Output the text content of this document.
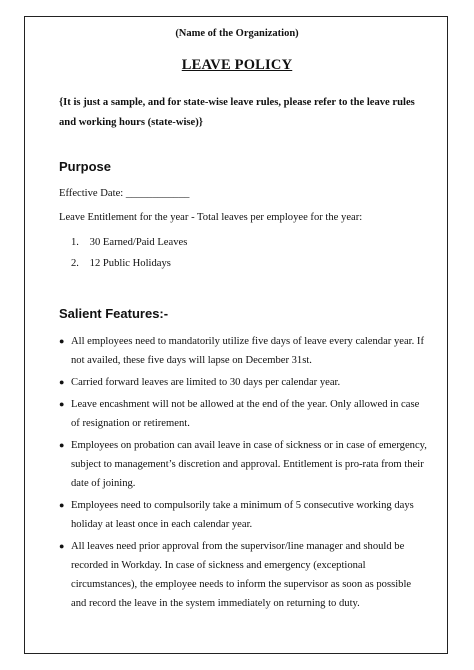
(Name of the Organization)
LEAVE POLICY
{It is just a sample, and for state-wise leave rules, please refer to the leave rules and working hours (state-wise)}
Purpose
Effective Date: ____________
Leave Entitlement for the year - Total leaves per employee for the year:
1. 30 Earned/Paid Leaves
2. 12 Public Holidays
Salient Features:-
● All employees need to mandatorily utilize five days of leave every calendar year. If not availed, these five days will lapse on December 31st.
● Carried forward leaves are limited to 30 days per calendar year.
● Leave encashment will not be allowed at the end of the year. Only allowed in case of resignation or retirement.
● Employees on probation can avail leave in case of sickness or in case of emergency, subject to management’s discretion and approval. Entitlement is pro-rata from their date of joining.
● Employees need to compulsorily take a minimum of 5 consecutive working days holiday at least once in each calendar year.
● All leaves need prior approval from the supervisor/line manager and should be recorded in Workday. In case of sickness and emergency (exceptional circumstances), the employee needs to inform the supervisor as soon as possible and record the leave in the system immediately on returning to duty.
